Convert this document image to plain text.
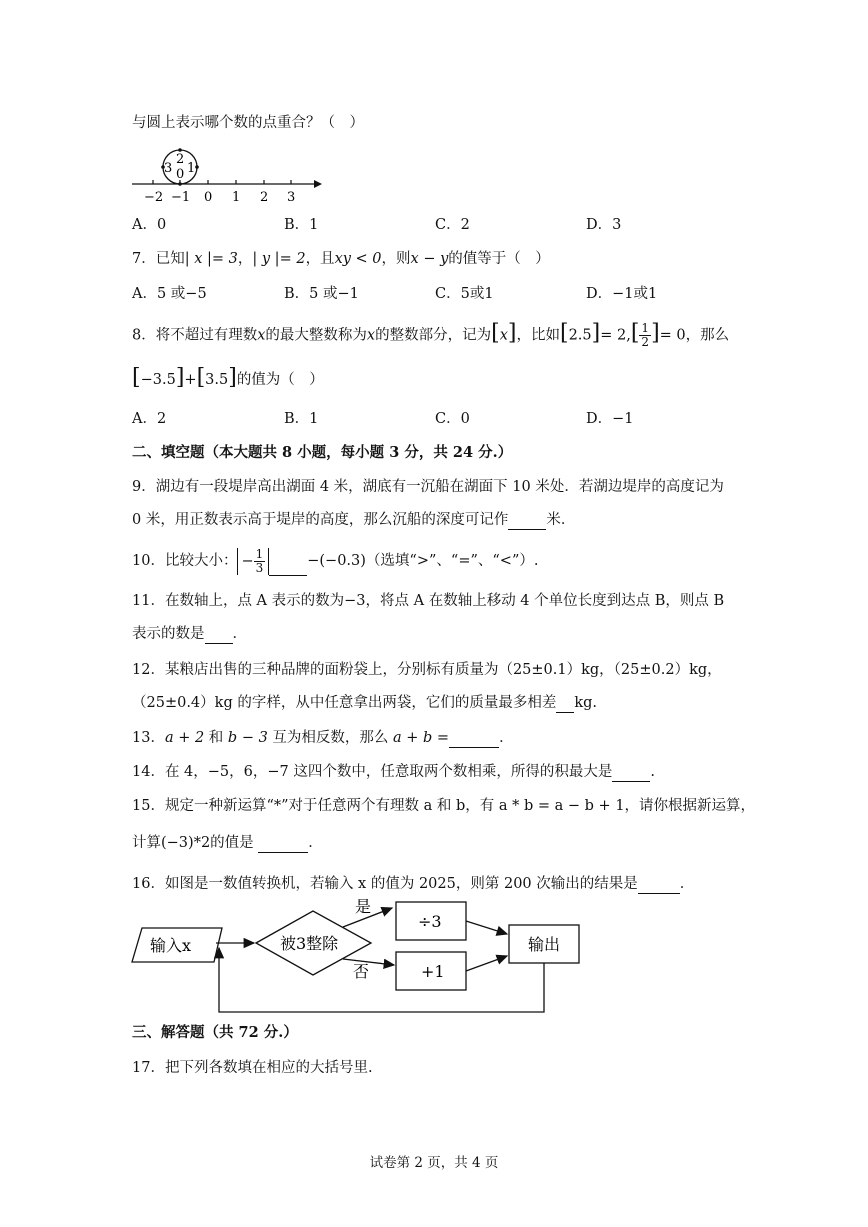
与圆上表示哪个数的点重合？（　）
3
2
1
0
−2 −1 0 1 2 3
A．0	B．1	C．2	D．3
7．已知| x |= 3，| y |= 2，且xy < 0，则x − y的值等于（　）
A．5 或−5	B．5 或−1	C．5或1	D．−1或1
8．将不超过有理数x的最大整数称为x的整数部分，记为[x]，比如$[2.5]= 2,[ \frac{1}{2}$ ]= 0，那么
[−3.5]+[3.5]的值为（　）
A．2	B．1	C．0	D．−1
二、填空题（本大题共 8 小题，每小题 3 分，共 24 分.）
9．湖边有一段堤岸高出湖面 4 米，湖底有一沉船在湖面下 10 米处．若湖边堤岸的高度记为
0 米，用正数表示高于堤岸的高度，那么沉船的深度可记作	米．
10．比较大小： − $\frac{1}{3}$	−(−0.3)（选填“>”、“=”、“<”）.
11．在数轴上，点 A 表示的数为−3，将点 A 在数轴上移动 4 个单位长度到达点 B，则点 B
表示的数是 ．
12．某粮店出售的三种品牌的面粉袋上，分别标有质量为（25±0.1）kg，（25±0.2）kg，
（25±0.4）kg 的字样，从中任意拿出两袋，它们的质量最多相差 kg.
13．a + 2 和 b − 3 互为相反数，那么 a + b =	．
14．在 4，−5，6，−7 这四个数中，任意取两个数相乘，所得的积最大是	.
15．规定一种新运算“*”对于任意两个有理数 a 和 b，有 a * b = a − b + 1，请你根据新运算，
计算(−3)*2的值是	．
16．如图是一数值转换机，若输入 x 的值为 2025，则第 200 次输出的结果是	．
输入x	被3整除
是
否
÷3
+1
输出
三、解答题（共 72 分.）
17．把下列各数填在相应的大括号里.
试卷第 2 页，共 4 页
